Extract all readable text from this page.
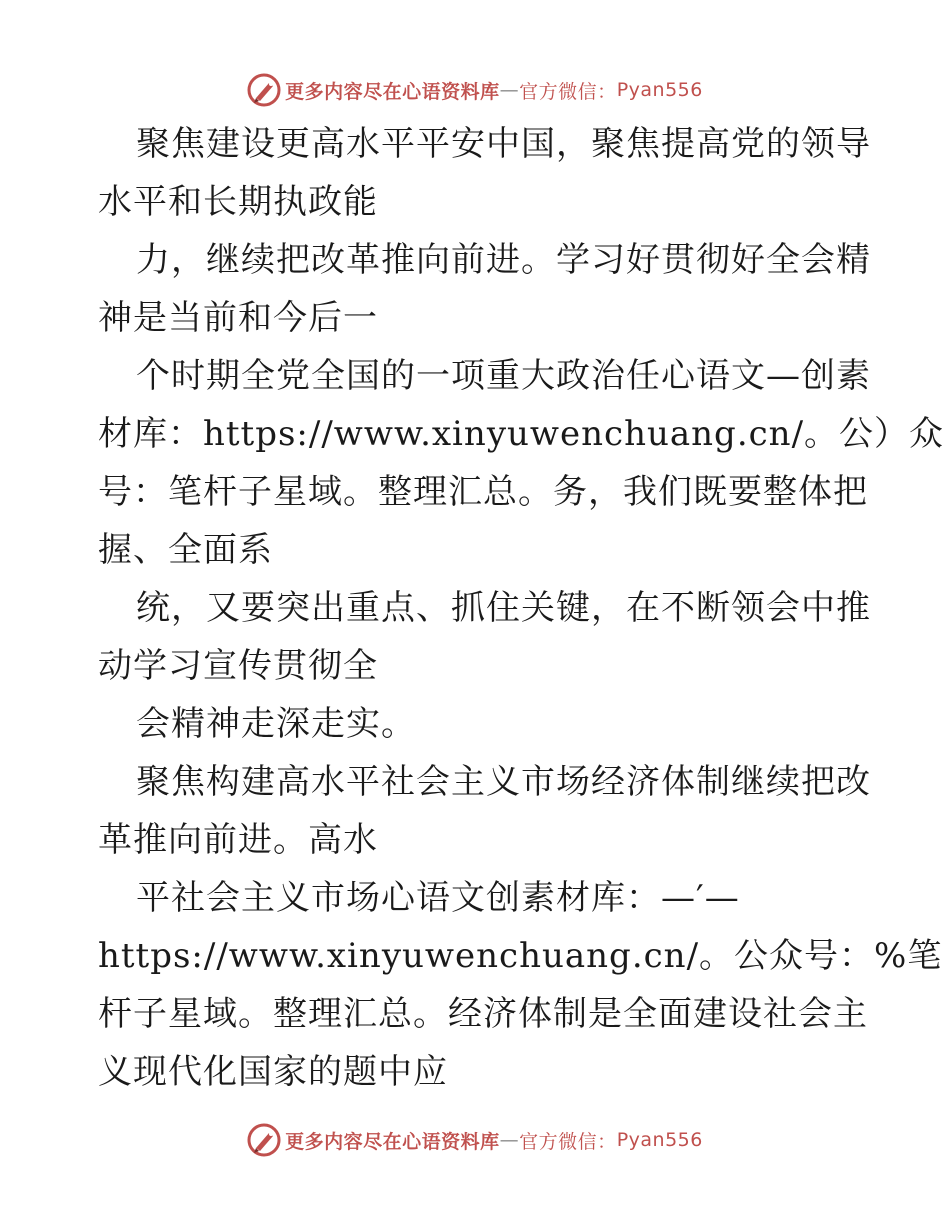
更多内容尽在心语资料库 — 官方微信： Pyan556
聚焦建设更高水平平安中国，聚焦提高党的领导
水平和长期执政能
力，继续把改革推向前进。学习好贯彻好全会精
神是当前和今后一
个时期全党全国的一项重大政治任心语文—创素
材库：https://www.xinyuwenchuang.cn/。公）众
号：笔杆子星域。整理汇总。务，我们既要整体把
握、全面系
统，又要突出重点、抓住关键，在不断领会中推
动学习宣传贯彻全
会精神走深走实。
聚焦构建高水平社会主义市场经济体制继续把改
革推向前进。高水
平社会主义市场心语文创素材库：—′—
https://www.xinyuwenchuang.cn/。公众号：%笔
杆子星域。整理汇总。经济体制是全面建设社会主
义现代化国家的题中应
更多内容尽在心语资料库 — 官方微信： Pyan556
